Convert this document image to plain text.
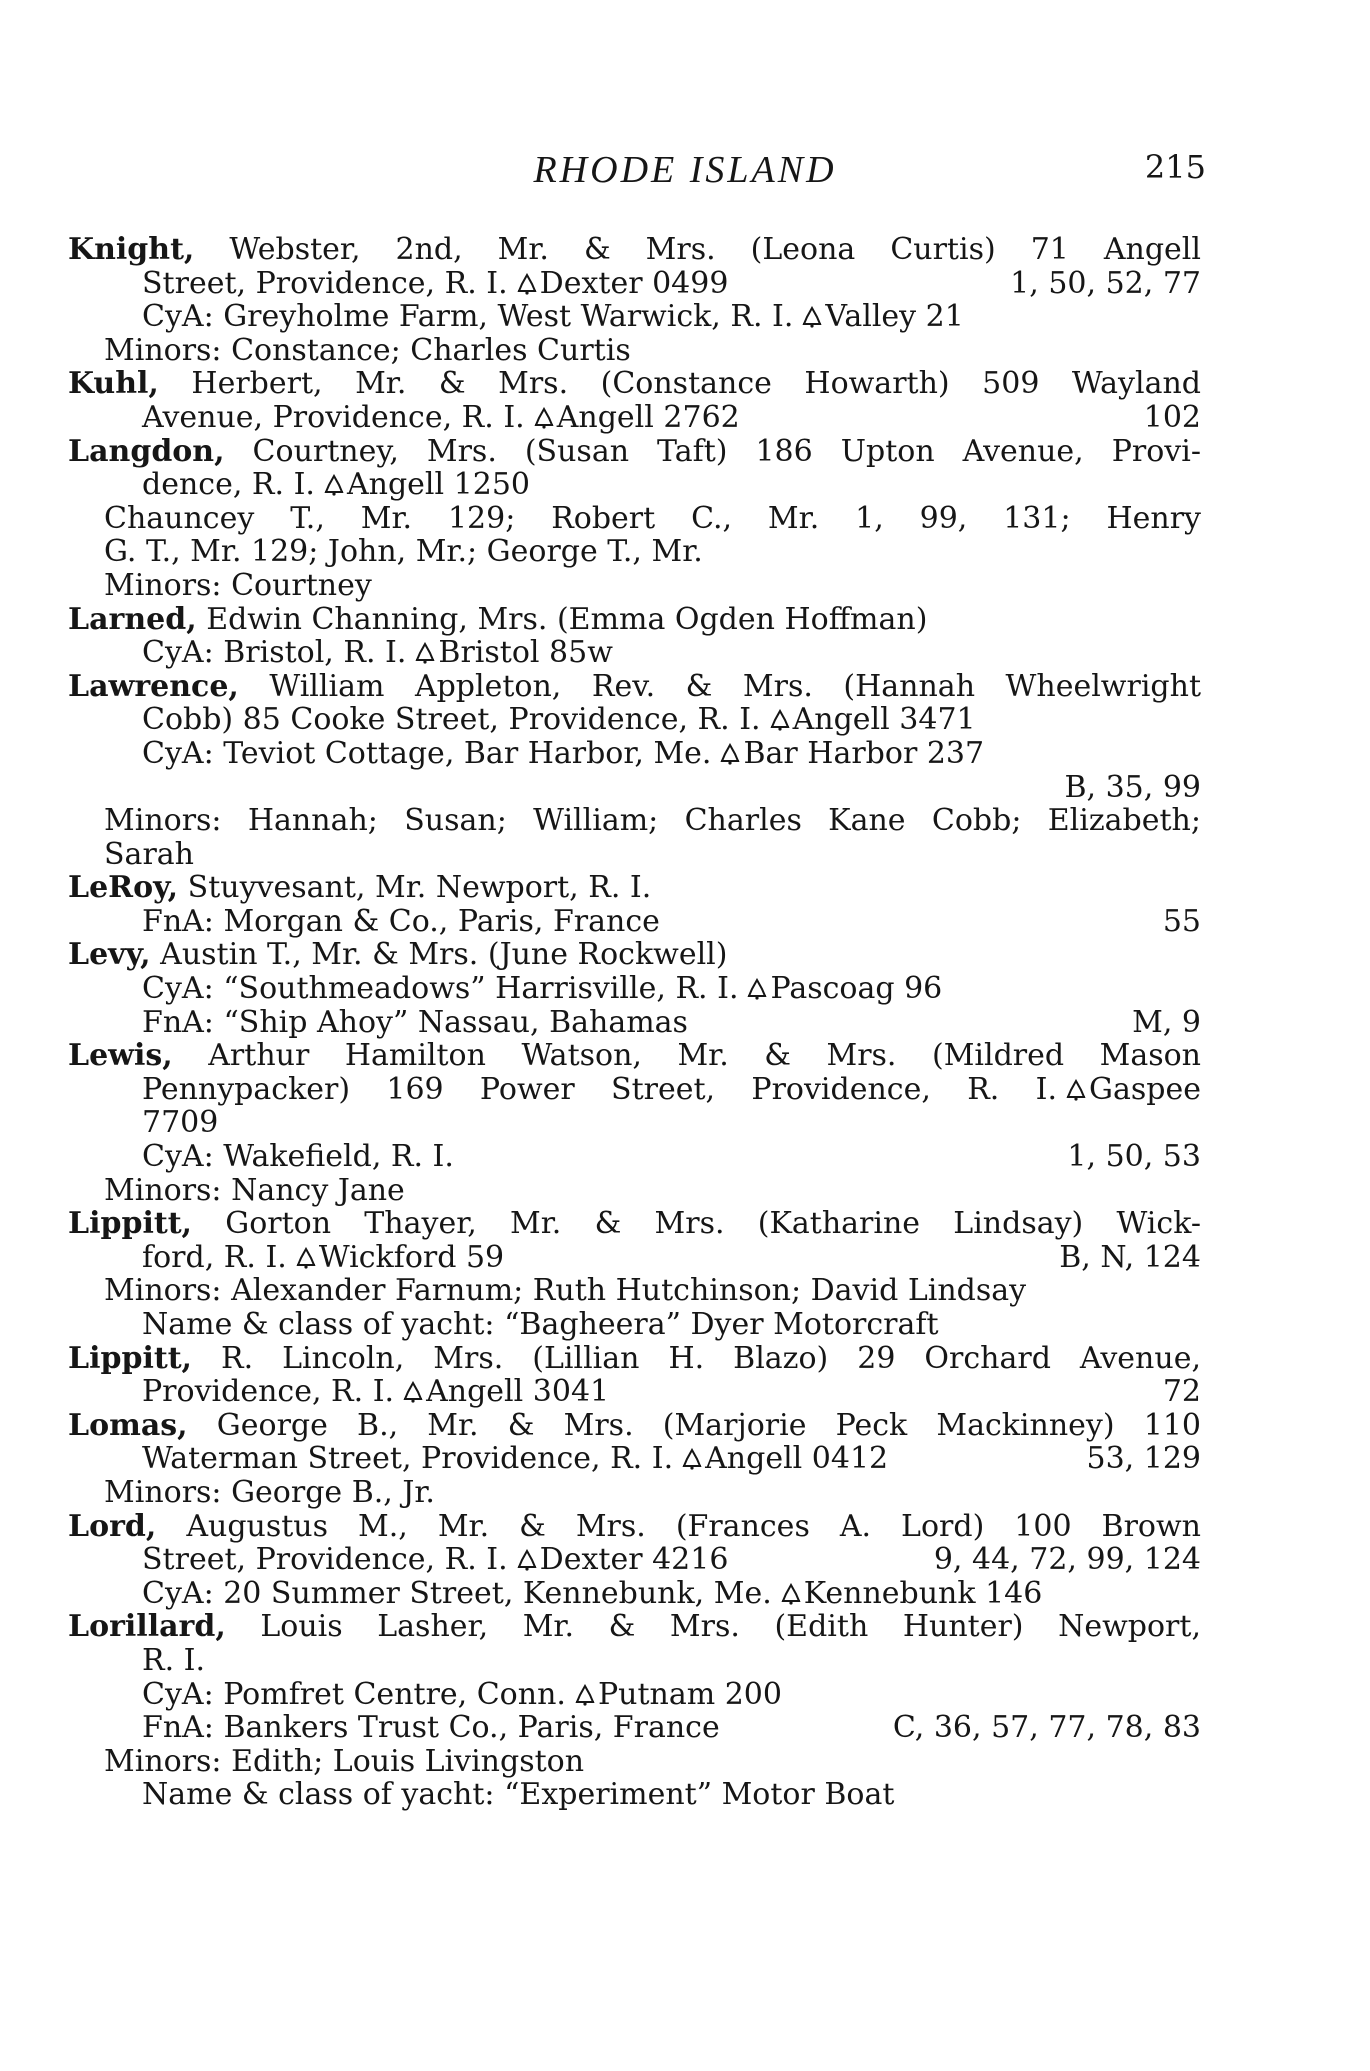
RHODE ISLAND	215
Knight, Webster, 2nd, Mr. & Mrs. (Leona Curtis) 71 Angell
Street, Providence, R. I. Dexter 0499	1, 50, 52, 77
CyA: Greyholme Farm, West Warwick, R. I. Valley 21
Minors: Constance; Charles Curtis
Kuhl, Herbert, Mr. & Mrs. (Constance Howarth) 509 Wayland
Avenue, Providence, R. I. Angell 2762	102
Langdon, Courtney, Mrs. (Susan Taft) 186 Upton Avenue, Provi-
dence, R. I. Angell 1250
Chauncey T., Mr. 129; Robert C., Mr. 1, 99, 131; Henry
G. T., Mr. 129; John, Mr.; George T., Mr.
Minors: Courtney
Larned, Edwin Channing, Mrs. (Emma Ogden Hoffman)
CyA: Bristol, R. I. Bristol 85w
Lawrence, William Appleton, Rev. & Mrs. (Hannah Wheelwright
Cobb) 85 Cooke Street, Providence, R. I. Angell 3471
CyA: Teviot Cottage, Bar Harbor, Me. Bar Harbor 237
B, 35, 99
Minors: Hannah; Susan; William; Charles Kane Cobb; Elizabeth;
Sarah
LeRoy, Stuyvesant, Mr. Newport, R. I.
FnA: Morgan & Co., Paris, France	55
Levy, Austin T., Mr. & Mrs. (June Rockwell)
CyA: “Southmeadows” Harrisville, R. I. Pascoag 96
FnA: “Ship Ahoy” Nassau, Bahamas	M, 9
Lewis, Arthur Hamilton Watson, Mr. & Mrs. (Mildred Mason
Pennypacker) 169 Power Street, Providence, R. I. Gaspee
7709
CyA: Wakefield, R. I.	1, 50, 53
Minors: Nancy Jane
Lippitt, Gorton Thayer, Mr. & Mrs. (Katharine Lindsay) Wick-
ford, R. I. Wickford 59	B, N, 124
Minors: Alexander Farnum; Ruth Hutchinson; David Lindsay
Name & class of yacht: “Bagheera” Dyer Motorcraft
Lippitt, R. Lincoln, Mrs. (Lillian H. Blazo) 29 Orchard Avenue,
Providence, R. I. Angell 3041	72
Lomas, George B., Mr. & Mrs. (Marjorie Peck Mackinney) 110
Waterman Street, Providence, R. I. Angell 0412	53, 129
Minors: George B., Jr.
Lord, Augustus M., Mr. & Mrs. (Frances A. Lord) 100 Brown
Street, Providence, R. I. Dexter 4216	9, 44, 72, 99, 124
CyA: 20 Summer Street, Kennebunk, Me. Kennebunk 146
Lorillard, Louis Lasher, Mr. & Mrs. (Edith Hunter) Newport,
R. I.
CyA: Pomfret Centre, Conn. Putnam 200
FnA: Bankers Trust Co., Paris, France	C, 36, 57, 77, 78, 83
Minors: Edith; Louis Livingston
Name & class of yacht: “Experiment” Motor Boat
